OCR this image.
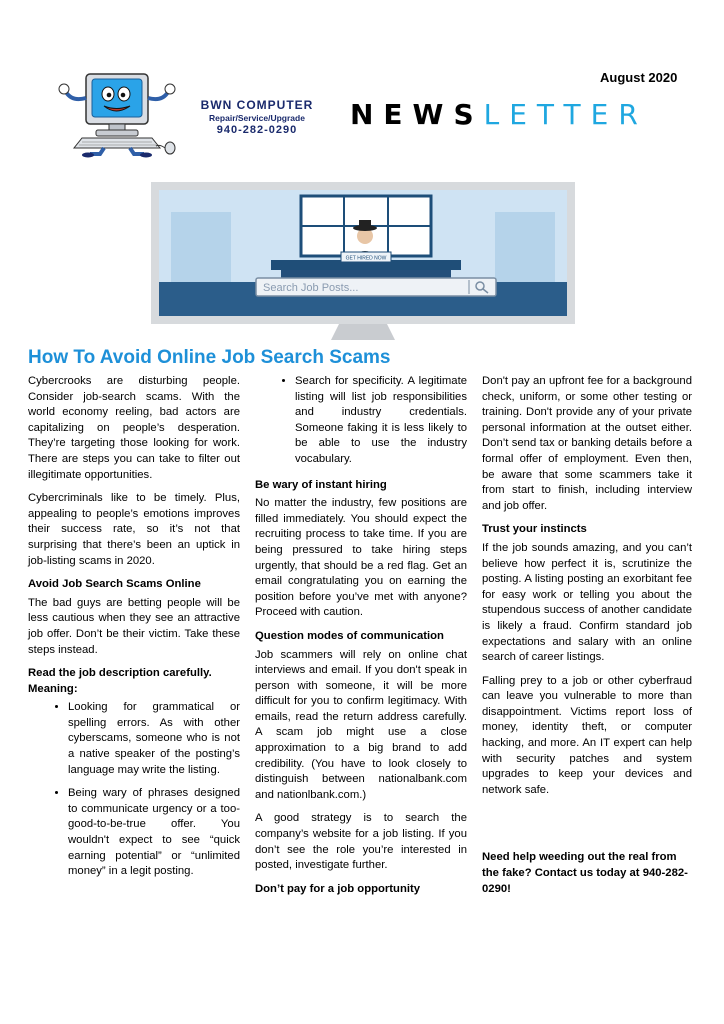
August 2020
BWN COMPUTER
Repair/Service/Upgrade
940-282-0290	NEWSLETTER
GET HIRED NOW
Search Job Posts...
How To Avoid Online Job Search Scams

Cybercrooks are disturbing people. Consider job-search scams. With the world economy reeling, bad actors are capitalizing on people’s desperation. They’re targeting those looking for work. There are steps you can take to filter out illegitimate opportunities.

Cybercriminals like to be timely. Plus, appealing to people’s emotions improves their success rate, so it’s not that surprising that there’s been an uptick in job-listing scams in 2020.

Avoid Job Search Scams Online

The bad guys are betting people will be less cautious when they see an attractive job offer. Don’t be their victim. Take these steps instead.

Read the job description carefully. Meaning:
• Looking for grammatical or spelling errors. As with other cyberscams, someone who is not a native speaker of the posting’s language may write the listing.
• Being wary of phrases designed to communicate urgency or a too-good-to-be-true offer. You wouldn't expect to see “quick earning potential” or “unlimited money” in a legit posting.
• Search for specificity. A legitimate listing will list job responsibilities and industry credentials. Someone faking it is less likely to be able to use the industry vocabulary.
Be wary of instant hiring

No matter the industry, few positions are filled immediately. You should expect the recruiting process to take time. If you are being pressured to take hiring steps urgently, that should be a red flag. Get an email congratulating you on earning the position before you’ve met with anyone? Proceed with caution.

Question modes of communication

Job scammers will rely on online chat interviews and email. If you don't speak in person with someone, it will be more difficult for you to confirm legitimacy. With emails, read the return address carefully. A scam job might use a close approximation to a big brand to add credibility. (You have to look closely to distinguish between nationalbank.com and nationlbank.com.)

A good strategy is to search the company’s website for a job listing. If you don’t see the role you’re interested in posted, investigate further.

Don’t pay for a job opportunity

Don't pay an upfront fee for a background check, uniform, or some other testing or training. Don't provide any of your private personal information at the outset either. Don’t send tax or banking details before a formal offer of employment. Even then, be aware that some scammers take it from start to finish, including interview and job offer.

Trust your instincts

If the job sounds amazing, and you can’t believe how perfect it is, scrutinize the posting. A listing posting an exorbitant fee for easy work or telling you about the stupendous success of another candidate is likely a fraud. Confirm standard job expectations and salary with an online search of career listings.

Falling prey to a job or other cyberfraud can leave you vulnerable to more than disappointment. Victims report loss of money, identity theft, or computer hacking, and more. An IT expert can help with security patches and system upgrades to keep your devices and network safe.

Need help weeding out the real from the fake? Contact us today at 940-282-0290!
